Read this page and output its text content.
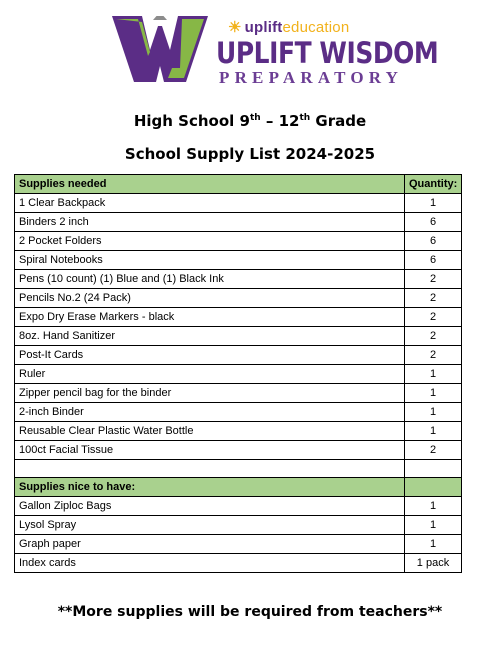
☀ uplifteducation
UPLIFT WISDOM
PREPARATORY
High School 9th – 12th Grade
School Supply List 2024-2025
Supplies needed	Quantity:
1 Clear Backpack	1
Binders 2 inch	6
2 Pocket Folders	6
Spiral Notebooks	6
Pens (10 count) (1) Blue and (1) Black Ink	2
Pencils No.2 (24 Pack)	2
Expo Dry Erase Markers - black	2
8oz. Hand Sanitizer	2
Post-It Cards	2
Ruler	1
Zipper pencil bag for the binder	1
2-inch Binder	1
Reusable Clear Plastic Water Bottle	1
100ct Facial Tissue	2

Supplies nice to have:	
Gallon Ziploc Bags	1
Lysol Spray	1
Graph paper	1
Index cards	1 pack
**More supplies will be required from teachers**
